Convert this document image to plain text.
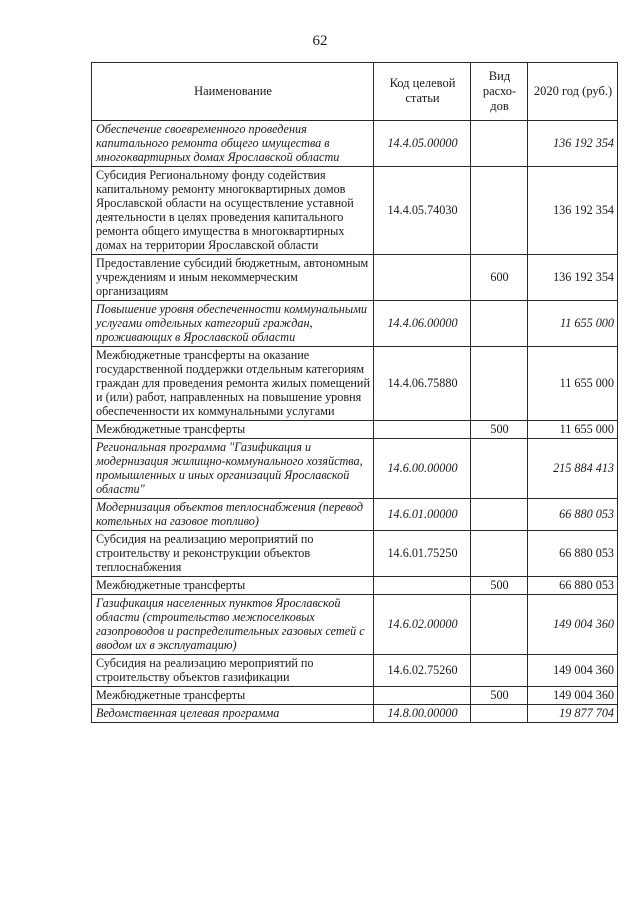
62
Наименование	Код целевой статьи	Вид расхо-дов	2020 год (руб.)
Обеспечение своевременного проведения капитального ремонта общего имущества в многоквартирных домах Ярославской области	14.4.05.00000		136 192 354
Субсидия Региональному фонду содействия капитальному ремонту многоквартирных домов Ярославской области на осуществление уставной деятельности в целях проведения капитального ремонта общего имущества в многоквартирных домах на территории Ярославской области	14.4.05.74030		136 192 354
Предоставление субсидий бюджетным, автономным учреждениям и иным некоммерческим организациям		600	136 192 354
Повышение уровня обеспеченности коммунальными услугами отдельных категорий граждан, проживающих в Ярославской области	14.4.06.00000		11 655 000
Межбюджетные трансферты на оказание государственной поддержки отдельным категориям граждан для проведения ремонта жилых помещений и (или) работ, направленных на повышение уровня обеспеченности их коммунальными услугами	14.4.06.75880		11 655 000
Межбюджетные трансферты		500	11 655 000
Региональная программа "Газификация и модернизация жилищно-коммунального хозяйства, промышленных и иных организаций Ярославской области"	14.6.00.00000		215 884 413
Модернизация объектов теплоснабжения (перевод котельных на газовое топливо)	14.6.01.00000		66 880 053
Субсидия на реализацию мероприятий по строительству и реконструкции объектов теплоснабжения	14.6.01.75250		66 880 053
Межбюджетные трансферты		500	66 880 053
Газификация населенных пунктов Ярославской области (строительство межпоселковых газопроводов и распределительных газовых сетей с вводом их в эксплуатацию)	14.6.02.00000		149 004 360
Субсидия на реализацию мероприятий по строительству объектов газификации	14.6.02.75260		149 004 360
Межбюджетные трансферты		500	149 004 360
Ведомственная целевая программа	14.8.00.00000		19 877 704
